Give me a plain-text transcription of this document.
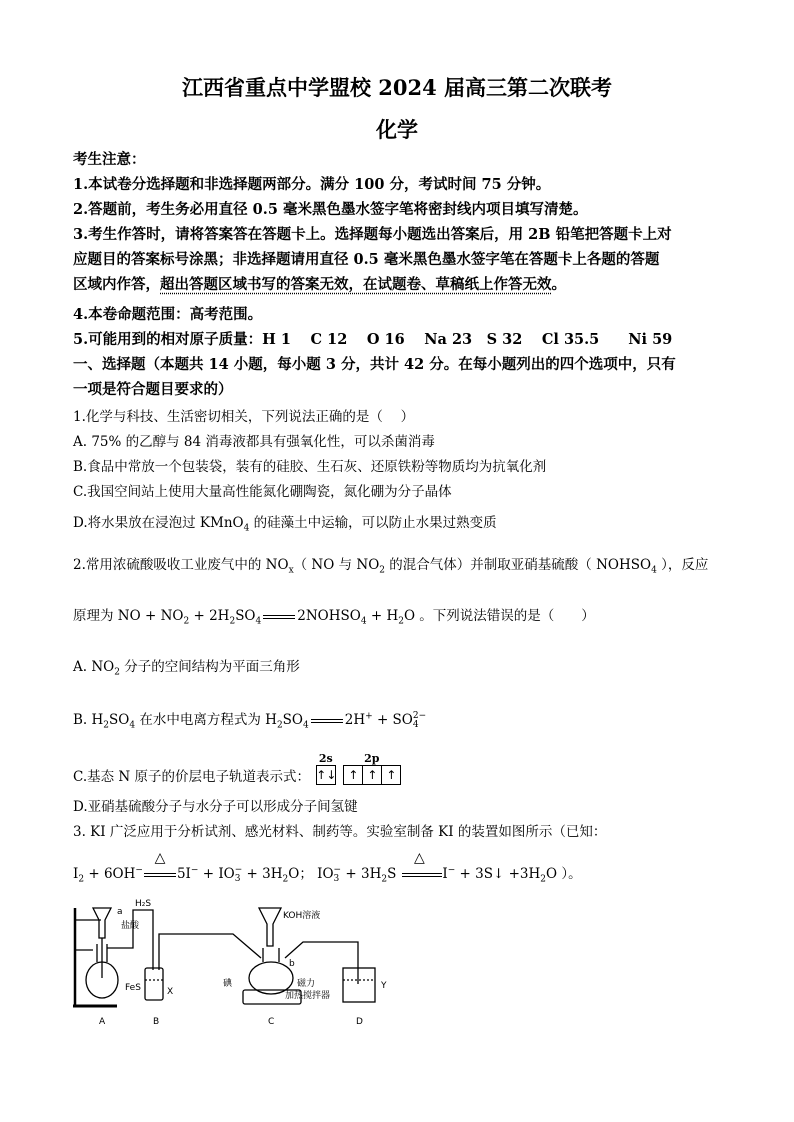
江西省重点中学盟校 2024 届高三第二次联考
化学
考生注意：
1.本试卷分选择题和非选择题两部分。满分 100 分，考试时间 75 分钟。
2.答题前，考生务必用直径 0.5 毫米黑色墨水签字笔将密封线内项目填写清楚。
3.考生作答时，请将答案答在答题卡上。选择题每小题选出答案后，用 2B 铅笔把答题卡上对
应题目的答案标号涂黑；非选择题请用直径 0.5 毫米黑色墨水签字笔在答题卡上各题的答题
区域内作答，超出答题区域书写的答案无效，在试题卷、草稿纸上作答无效。
4.本卷命题范围：高考范围。
5.可能用到的相对原子质量：H 1　 C 12　 O 16　 Na 23　S 32　 Cl 35.5　　Ni 59
一、选择题（本题共 14 小题，每小题 3 分，共计 42 分。在每小题列出的四个选项中，只有
一项是符合题目要求的）
1.化学与科技、生活密切相关，下列说法正确的是（　 ）
A. 75% 的乙醇与 84 消毒液都具有强氧化性，可以杀菌消毒
B.食品中常放一个包装袋，装有的硅胶、生石灰、还原铁粉等物质均为抗氧化剂
C.我国空间站上使用大量高性能氮化硼陶瓷，氮化硼为分子晶体
D.将水果放在浸泡过 KMnO$_4$ 的硅藻土中运输，可以防止水果过熟变质
2.常用浓硫酸吸收工业废气中的 $NO_x$（ NO 与 $NO_2$ 的混合气体）并制取亚硝基硫酸（ $NOHSO_4$ ），反应
原理为 NO + $NO_2 + 2H_2SO_4$	$2NOHSO_4 + H_2O$ 。下列说法错误的是（　　）
A. $NO_2$ 分子的空间结构为平面三角形
B. $H_2SO_4$ 在水中电离方程式为 $H_2SO_4$	2H+ + SO 2−
4
C.基态 N 原子的价层电子轨道表示式：
2s
↑↓
2p
↑ ↑ ↑
D.亚硝基硫酸分子与水分子可以形成分子间氢键
3. KI 广泛应用于分析试剂、感光材料、制药等。实验室制备 KI 的装置如图所示（已知：
$I_2 + 6OH^-$
△
5I− + IO −
$3 + 3H_2O$； IO −
$3 + 3H_2S$
△
I− + 3S↓ $+3H_2O$ ）。
a
H₂S
盐酸
FeS	X
KOH溶液
b
碘	磁力
加热搅拌器
Y
A	B	C	D
